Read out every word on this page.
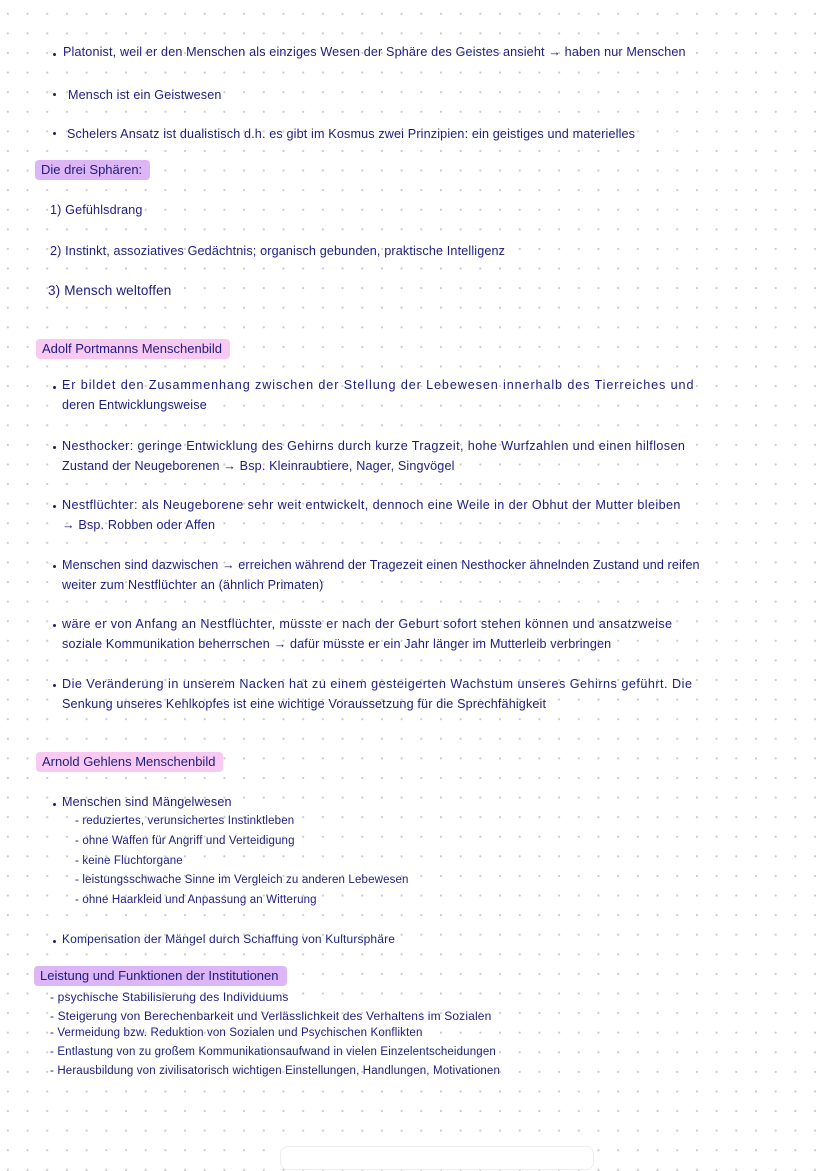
Platonist, weil er den Menschen als einziges Wesen der Sphäre des Geistes ansieht → haben nur Menschen
Mensch ist ein Geistwesen
Schelers Ansatz ist dualistisch d.h. es gibt im Kosmus zwei Prinzipien: ein geistiges und materielles
Die drei Sphären:
1) Gefühlsdrang
2) Instinkt, assoziatives Gedächtnis; organisch gebunden, praktische Intelligenz
3) Mensch weltoffen
Adolf Portmanns Menschenbild
Er bildet den Zusammenhang zwischen der Stellung der Lebewesen innerhalb des Tierreiches und
deren Entwicklungsweise
Nesthocker: geringe Entwicklung des Gehirns durch kurze Tragzeit, hohe Wurfzahlen und einen hilflosen
Zustand der Neugeborenen → Bsp. Kleinraubtiere, Nager, Singvögel
Nestflüchter: als Neugeborene sehr weit entwickelt, dennoch eine Weile in der Obhut der Mutter bleiben
→ Bsp. Robben oder Affen
Menschen sind dazwischen → erreichen während der Tragezeit einen Nesthocker ähnelnden Zustand und reifen
weiter zum Nestflüchter an (ähnlich Primaten)
wäre er von Anfang an Nestflüchter, müsste er nach der Geburt sofort stehen können und ansatzweise
soziale Kommunikation beherrschen → dafür müsste er ein Jahr länger im Mutterleib verbringen
Die Veränderung in unserem Nacken hat zu einem gesteigerten Wachstum unseres Gehirns geführt. Die
Senkung unseres Kehlkopfes ist eine wichtige Voraussetzung für die Sprechfähigkeit
Arnold Gehlens Menschenbild
Menschen sind Mängelwesen
- reduziertes, verunsichertes Instinktleben
- ohne Waffen für Angriff und Verteidigung
- keine Fluchtorgane
- leistungsschwache Sinne im Vergleich zu anderen Lebewesen
- ohne Haarkleid und Anpassung an Witterung
Kompensation der Mängel durch Schaffung von Kultursphäre
Leistung und Funktionen der Institutionen
- psychische Stabilisierung des Individuums
- Steigerung von Berechenbarkeit und Verlässlichkeit des Verhaltens im Sozialen
- Vermeidung bzw. Reduktion von Sozialen und Psychischen Konflikten
- Entlastung von zu großem Kommunikationsaufwand in vielen Einzelentscheidungen
- Herausbildung von zivilisatorisch wichtigen Einstellungen, Handlungen, Motivationen
